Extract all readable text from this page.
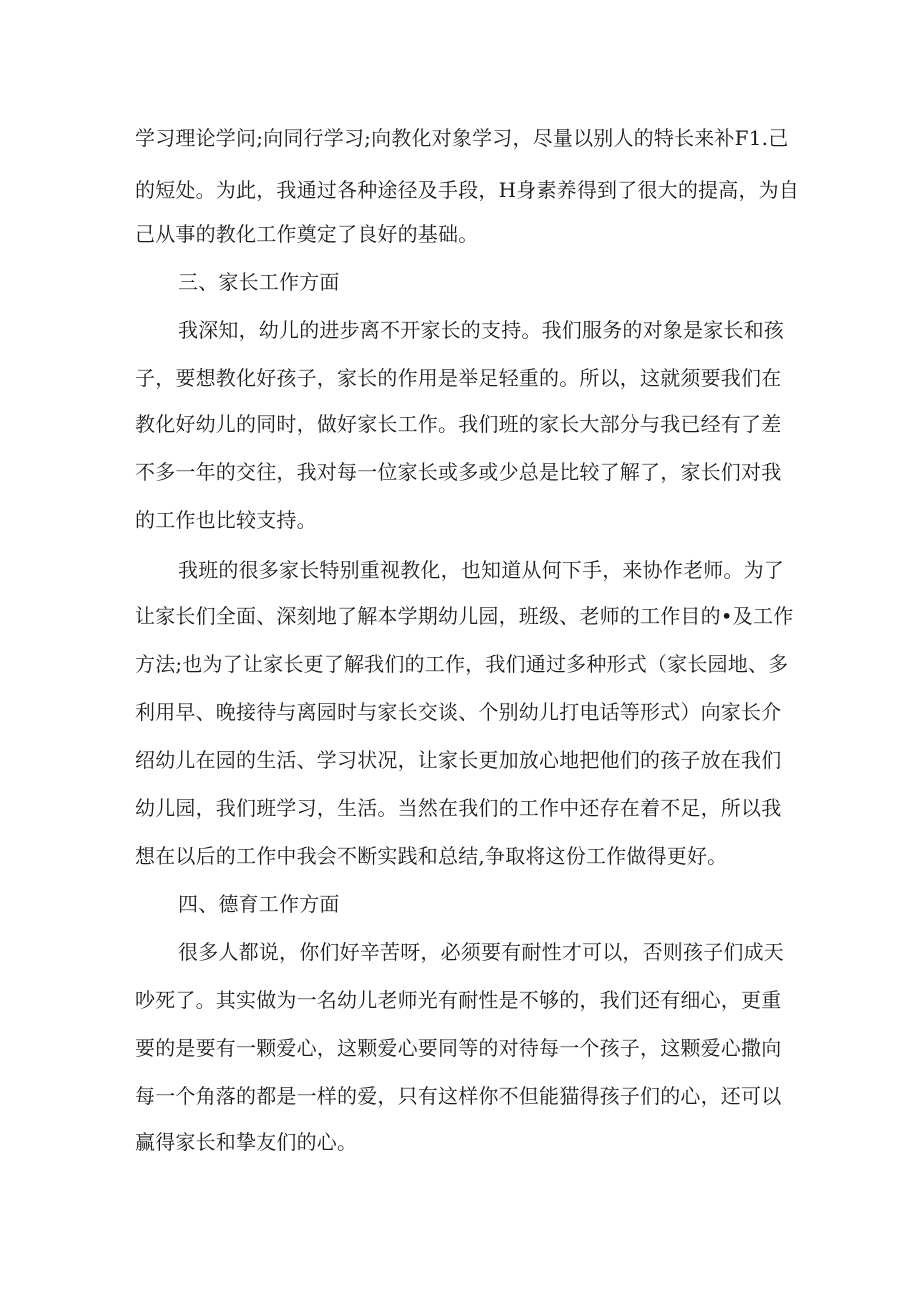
学习理论学问;向同行学习;向教化对象学习，尽量以别人的特长来补F1.己
的短处。为此，我通过各种途径及手段，H身素养得到了很大的提高，为自
己从事的教化工作奠定了良好的基础。
三、家长工作方面
我深知，幼儿的进步离不开家长的支持。我们服务的对象是家长和孩
子，要想教化好孩子，家长的作用是举足轻重的。所以，这就须要我们在
教化好幼儿的同时，做好家长工作。我们班的家长大部分与我已经有了差
不多一年的交往，我对每一位家长或多或少总是比较了解了，家长们对我
的工作也比较支持。
我班的很多家长特别重视教化，也知道从何下手，来协作老师。为了
让家长们全面、深刻地了解本学期幼儿园，班级、老师的工作目的•及工作
方法;也为了让家长更了解我们的工作，我们通过多种形式（家长园地、多
利用早、晚接待与离园时与家长交谈、个别幼儿打电话等形式）向家长介
绍幼儿在园的生活、学习状况，让家长更加放心地把他们的孩子放在我们
幼儿园，我们班学习，生活。当然在我们的工作中还存在着不足，所以我
想在以后的工作中我会不断实践和总结,争取将这份工作做得更好。
四、德育工作方面
很多人都说，你们好辛苦呀，必须要有耐性才可以，否则孩子们成天
吵死了。其实做为一名幼儿老师光有耐性是不够的，我们还有细心，更重
要的是要有一颗爱心，这颗爱心要同等的对待每一个孩子，这颗爱心撒向
每一个角落的都是一样的爱，只有这样你不但能猫得孩子们的心，还可以
赢得家长和挚友们的心。
